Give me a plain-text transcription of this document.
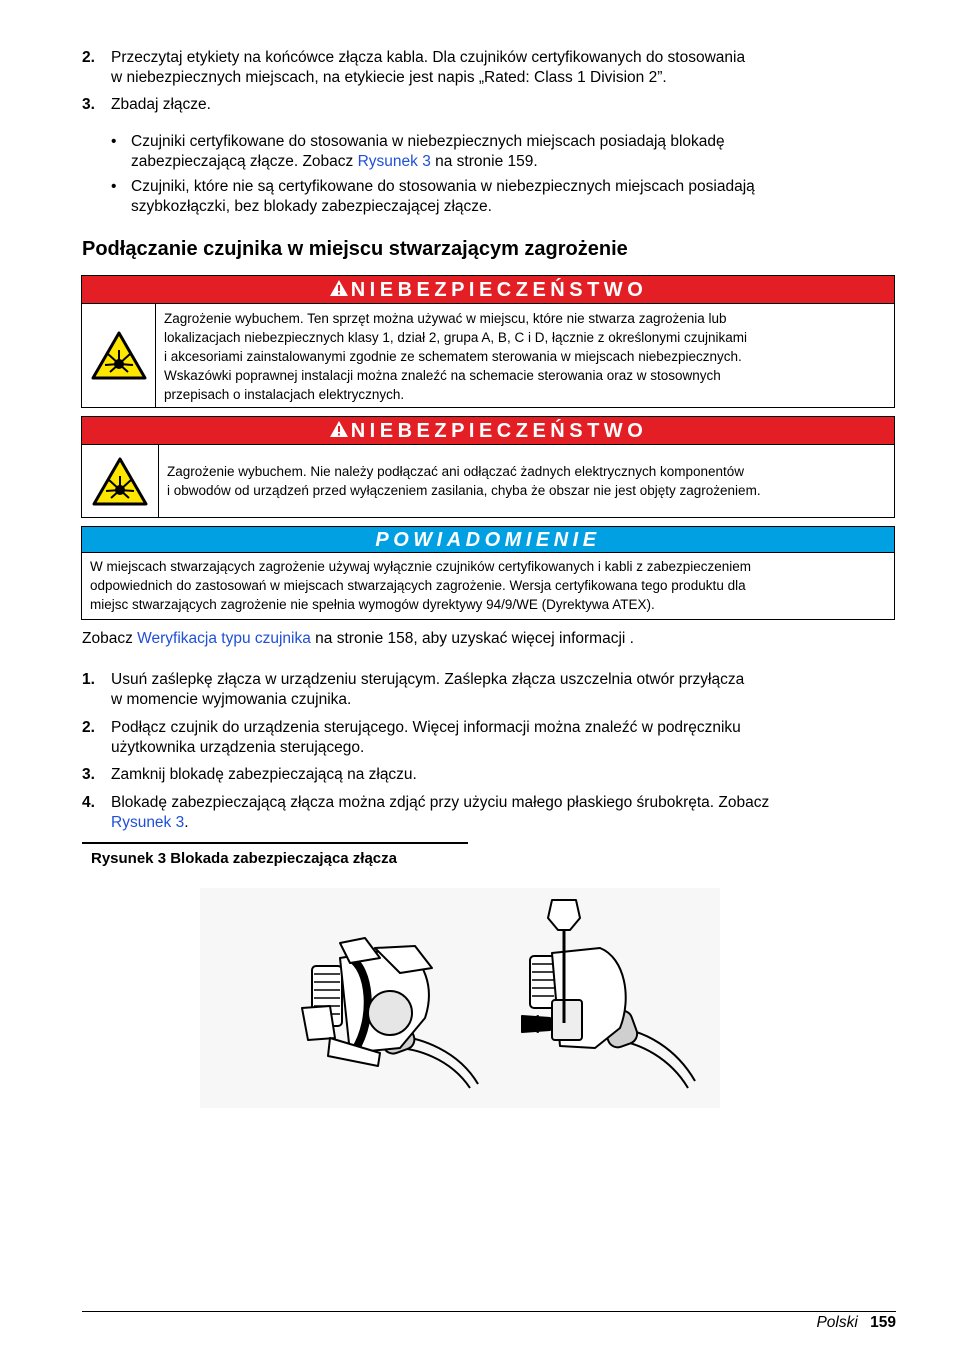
2. Przeczytaj etykiety na końcówce złącza kabla. Dla czujników certyfikowanych do stosowania
w niebezpiecznych miejscach, na etykiecie jest napis „Rated: Class 1 Division 2”.
3. Zbadaj złącze.
• Czujniki certyfikowane do stosowania w niebezpiecznych miejscach posiadają blokadę
zabezpieczającą złącze. Zobacz Rysunek 3 na stronie 159.
• Czujniki, które nie są certyfikowane do stosowania w niebezpiecznych miejscach posiadają
szybkozłączki, bez blokady zabezpieczającej złącze.
Podłączanie czujnika w miejscu stwarzającym zagrożenie
NIEBEZPIECZEŃSTWO
Zagrożenie wybuchem. Ten sprzęt można używać w miejscu, które nie stwarza zagrożenia lub
lokalizacjach niebezpiecznych klasy 1, dział 2, grupa A, B, C i D, łącznie z określonymi czujnikami
i akcesoriami zainstalowanymi zgodnie ze schematem sterowania w miejscach niebezpiecznych.
Wskazówki poprawnej instalacji można znaleźć na schemacie sterowania oraz w stosownych
przepisach o instalacjach elektrycznych.
NIEBEZPIECZEŃSTWO
Zagrożenie wybuchem. Nie należy podłączać ani odłączać żadnych elektrycznych komponentów
i obwodów od urządzeń przed wyłączeniem zasilania, chyba że obszar nie jest objęty zagrożeniem.
POWIADOMIENIE
W miejscach stwarzających zagrożenie używaj wyłącznie czujników certyfikowanych i kabli z zabezpieczeniem
odpowiednich do zastosowań w miejscach stwarzających zagrożenie. Wersja certyfikowana tego produktu dla
miejsc stwarzających zagrożenie nie spełnia wymogów dyrektywy 94/9/WE (Dyrektywa ATEX).
Zobacz Weryfikacja typu czujnika na stronie 158, aby uzyskać więcej informacji .
1. Usuń zaślepkę złącza w urządzeniu sterującym. Zaślepka złącza uszczelnia otwór przyłącza
w momencie wyjmowania czujnika.
2. Podłącz czujnik do urządzenia sterującego. Więcej informacji można znaleźć w podręczniku
użytkownika urządzenia sterującego.
3. Zamknij blokadę zabezpieczającą na złączu.
4. Blokadę zabezpieczającą złącza można zdjąć przy użyciu małego płaskiego śrubokręta. Zobacz
Rysunek 3.
Rysunek 3 Blokada zabezpieczająca złącza
Polski 159
